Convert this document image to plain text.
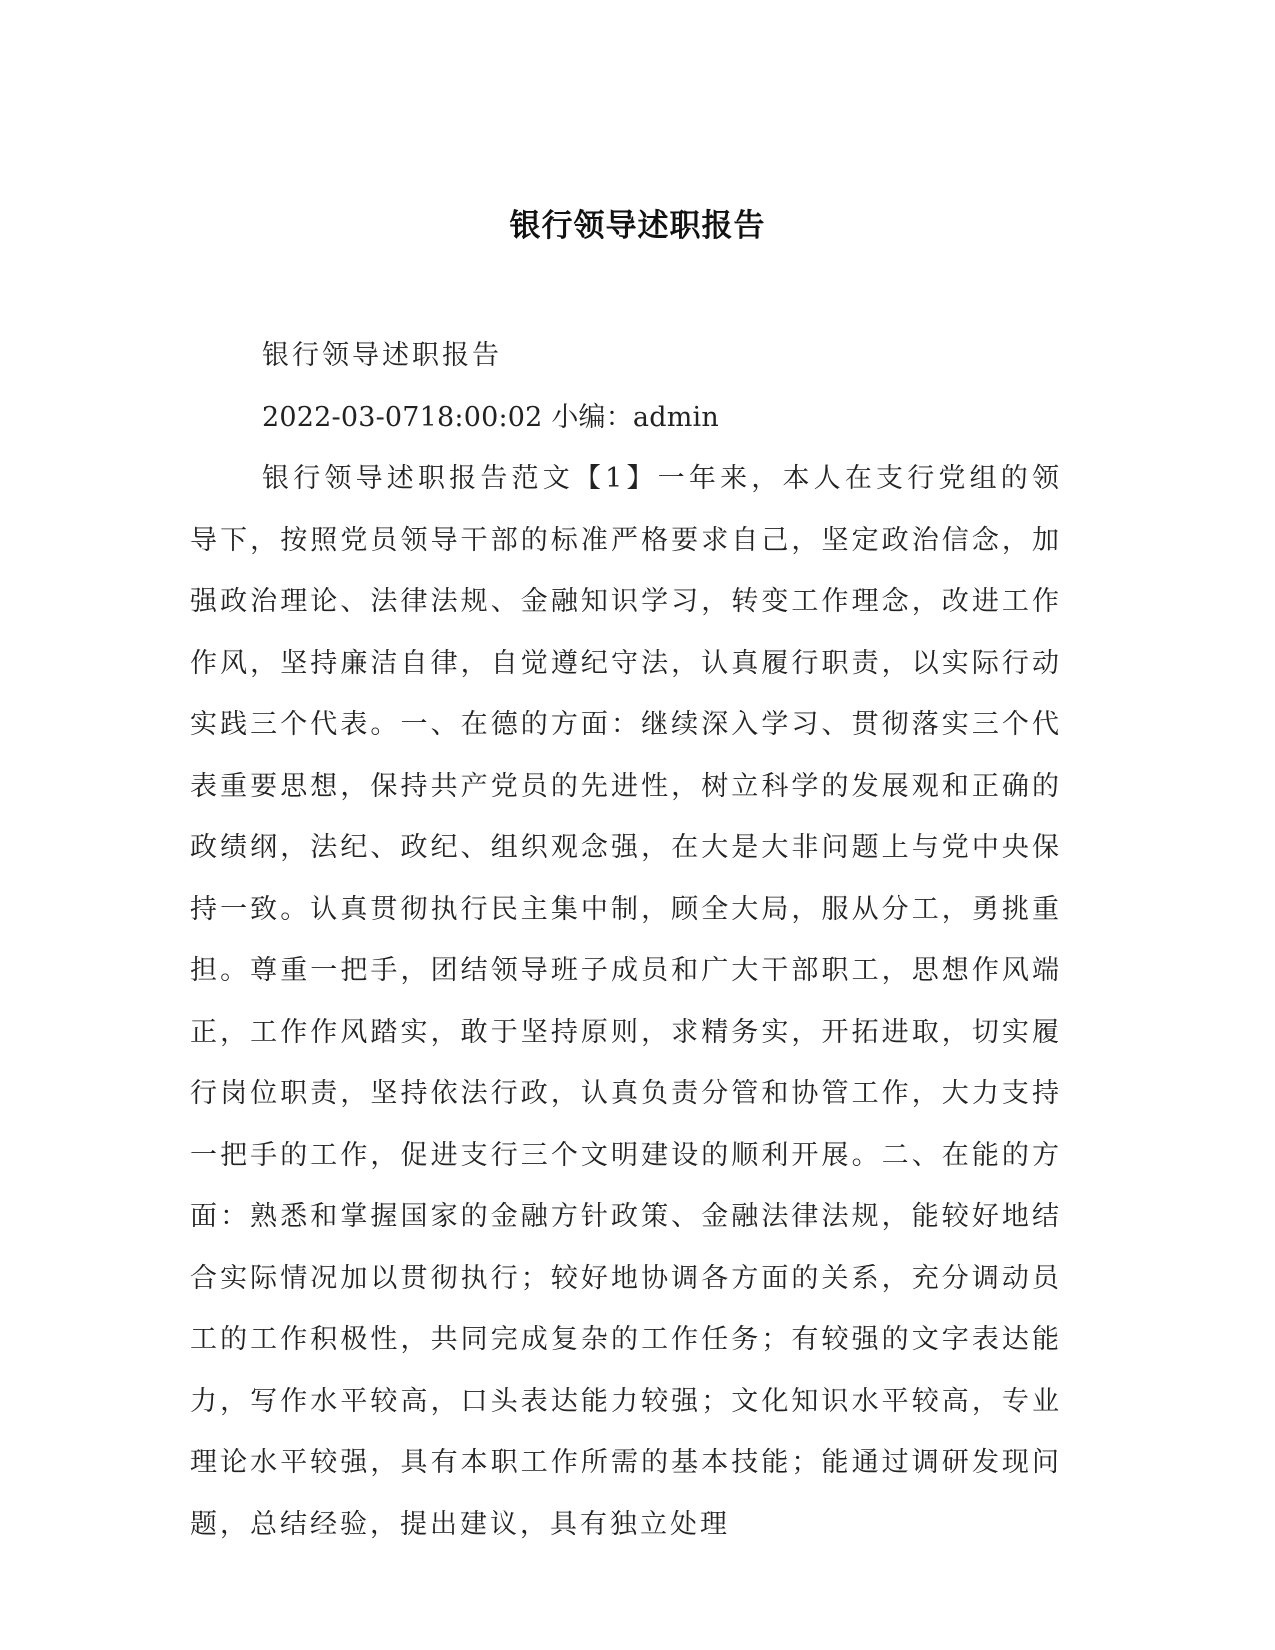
银行领导述职报告

银行领导述职报告

2022-03-0718:00:02 小编：admin

银行领导述职报告范文【1】一年来，本人在支行党组的领导下，按照党员领导干部的标准严格要求自己，坚定政治信念，加强政治理论、法律法规、金融知识学习，转变工作理念，改进工作作风，坚持廉洁自律，自觉遵纪守法，认真履行职责，以实际行动实践三个代表。一、在德的方面：继续深入学习、贯彻落实三个代表重要思想，保持共产党员的先进性，树立科学的发展观和正确的政绩纲，法纪、政纪、组织观念强，在大是大非问题上与党中央保持一致。认真贯彻执行民主集中制，顾全大局，服从分工，勇挑重担。尊重一把手，团结领导班子成员和广大干部职工，思想作风端正，工作作风踏实，敢于坚持原则，求精务实，开拓进取，切实履行岗位职责，坚持依法行政，认真负责分管和协管工作，大力支持一把手的工作，促进支行三个文明建设的顺利开展。二、在能的方面：熟悉和掌握国家的金融方针政策、金融法律法规，能较好地结合实际情况加以贯彻执行；较好地协调各方面的关系，充分调动员工的工作积极性，共同完成复杂的工作任务；有较强的文字表达能力，写作水平较高，口头表达能力较强；文化知识水平较高，专业理论水平较强，具有本职工作所需的基本技能；能通过调研发现问题，总结经验，提出建议，具有独立处理
